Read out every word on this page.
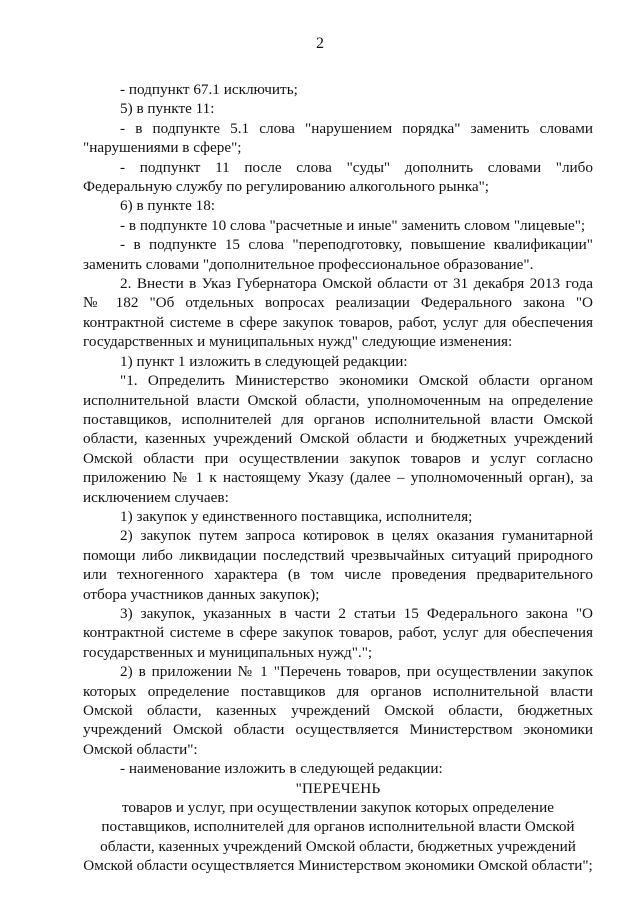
2

- подпункт 67.1 исключить;

5) в пункте 11:

- в подпункте 5.1 слова "нарушением порядка" заменить словами "нарушениями в сфере";

- подпункт 11 после слова "суды" дополнить словами "либо Федеральную службу по регулированию алкогольного рынка";

6) в пункте 18:

- в подпункте 10 слова "расчетные и иные" заменить словом "лицевые";

- в подпункте 15 слова "переподготовку, повышение квалификации" заменить словами "дополнительное профессиональное образование".

2. Внести в Указ Губернатора Омской области от 31 декабря 2013 года № 182 "Об отдельных вопросах реализации Федерального закона "О контрактной системе в сфере закупок товаров, работ, услуг для обеспечения государственных и муниципальных нужд" следующие изменения:

1) пункт 1 изложить в следующей редакции:

"1. Определить Министерство экономики Омской области органом исполнительной власти Омской области, уполномоченным на определение поставщиков, исполнителей для органов исполнительной власти Омской области, казенных учреждений Омской области и бюджетных учреждений Омской области при осуществлении закупок товаров и услуг согласно приложению № 1 к настоящему Указу (далее – уполномоченный орган), за исключением случаев:

1) закупок у единственного поставщика, исполнителя;

2) закупок путем запроса котировок в целях оказания гуманитарной помощи либо ликвидации последствий чрезвычайных ситуаций природного или техногенного характера (в том числе проведения предварительного отбора участников данных закупок);

3) закупок, указанных в части 2 статьи 15 Федерального закона "О контрактной системе в сфере закупок товаров, работ, услуг для обеспечения государственных и муниципальных нужд".";

2) в приложении № 1 "Перечень товаров, при осуществлении закупок которых определение поставщиков для органов исполнительной власти Омской области, казенных учреждений Омской области, бюджетных учреждений Омской области осуществляется Министерством экономики Омской области":

- наименование изложить в следующей редакции:

"ПЕРЕЧЕНЬ

товаров и услуг, при осуществлении закупок которых определение поставщиков, исполнителей для органов исполнительной власти Омской области, казенных учреждений Омской области, бюджетных учреждений Омской области осуществляется Министерством экономики Омской области";
